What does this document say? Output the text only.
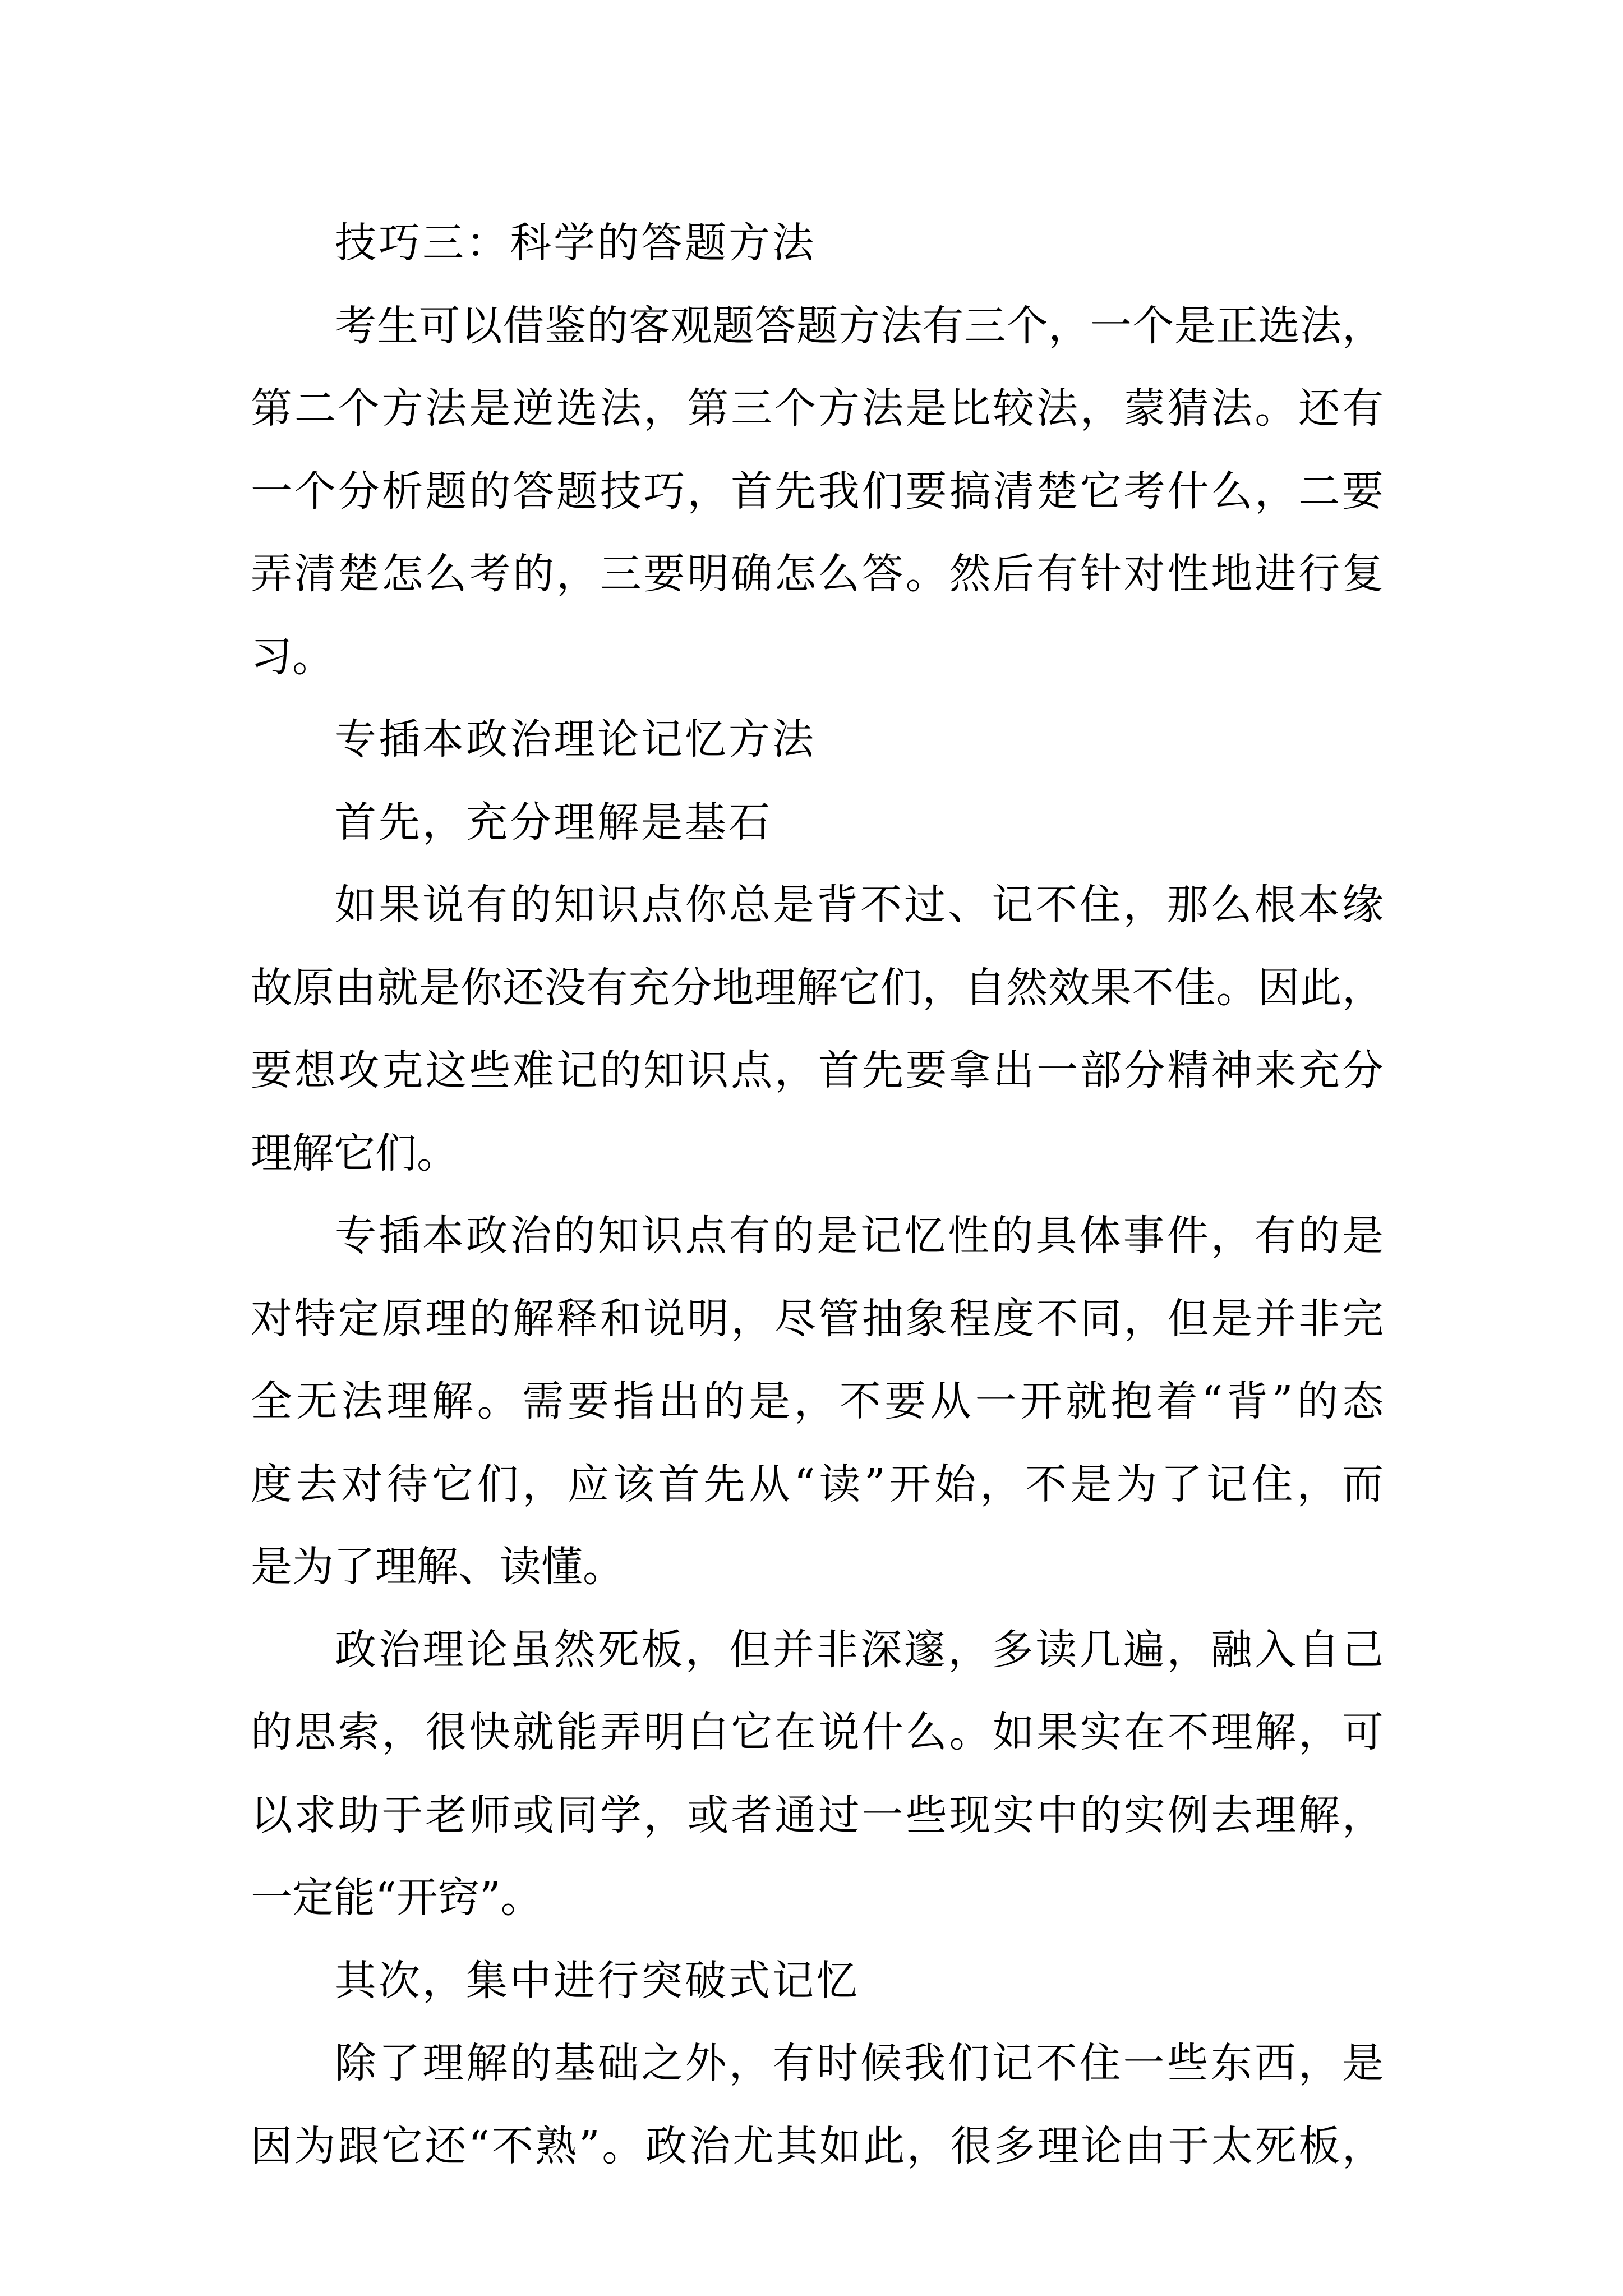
技巧三：科学的答题方法
考生可以借鉴的客观题答题方法有三个，一个是正选法，
第二个方法是逆选法，第三个方法是比较法，蒙猜法。还有
一个分析题的答题技巧，首先我们要搞清楚它考什么，二要
弄清楚怎么考的，三要明确怎么答。然后有针对性地进行复
习。
专插本政治理论记忆方法
首先，充分理解是基石
如果说有的知识点你总是背不过、记不住，那么根本缘
故原由就是你还没有充分地理解它们，自然效果不佳。因此，
要想攻克这些难记的知识点，首先要拿出一部分精神来充分
理解它们。
专插本政治的知识点有的是记忆性的具体事件，有的是
对特定原理的解释和说明，尽管抽象程度不同，但是并非完
全无法理解。需要指出的是，不要从一开就抱着“背”的态
度去对待它们，应该首先从“读”开始，不是为了记住，而
是为了理解、读懂。
政治理论虽然死板，但并非深邃，多读几遍，融入自己
的思索，很快就能弄明白它在说什么。如果实在不理解，可
以求助于老师或同学，或者通过一些现实中的实例去理解，
一定能“开窍”。
其次，集中进行突破式记忆
除了理解的基础之外，有时候我们记不住一些东西，是
因为跟它还“不熟”。政治尤其如此，很多理论由于太死板，
